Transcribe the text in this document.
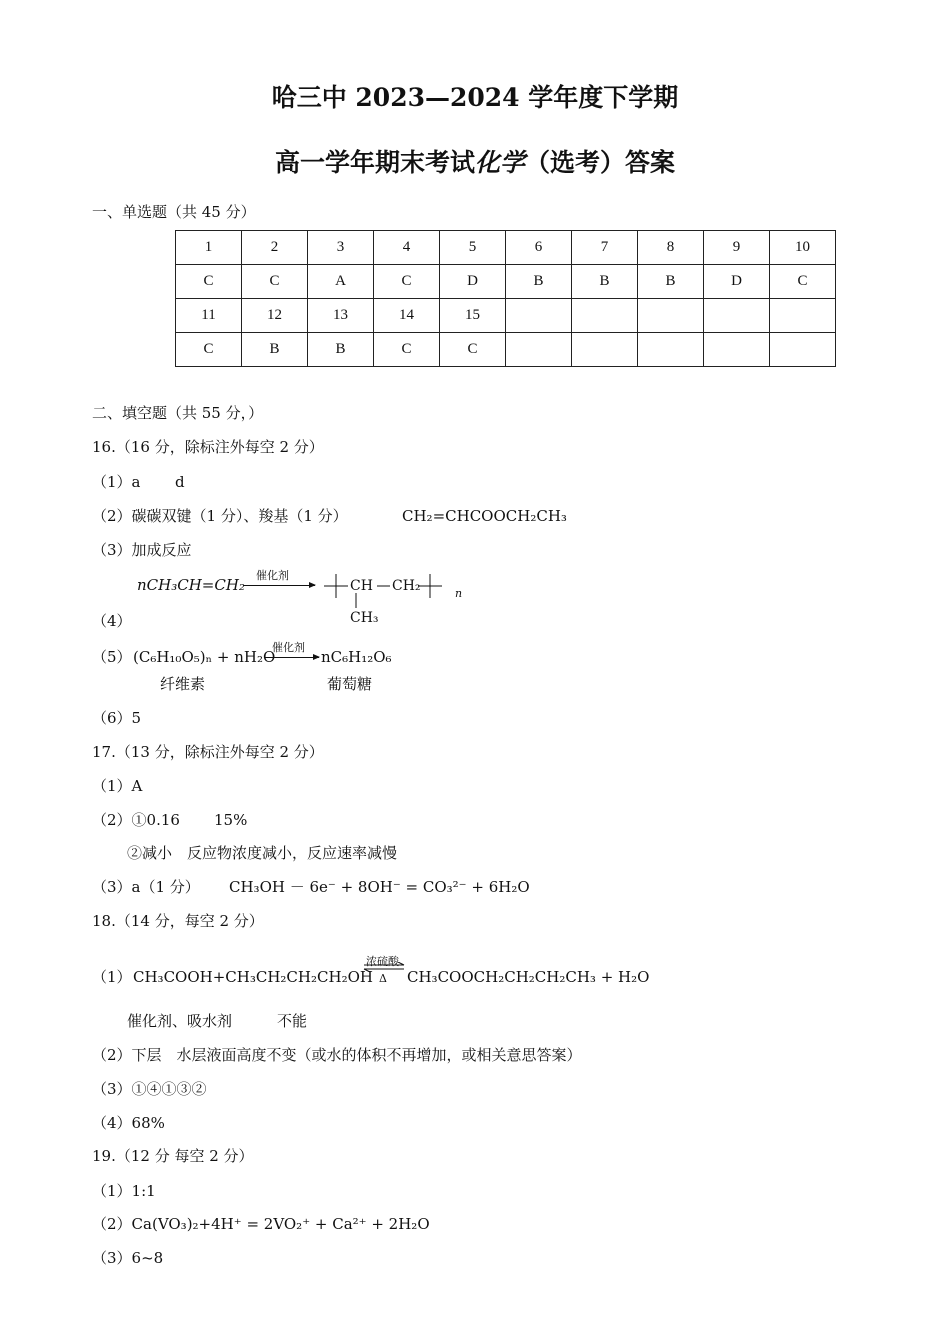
哈三中 2023—2024 学年度下学期
高一学年期末考试化学（选考）答案
一、单选题（共 45 分）
1	2	3	4	5	6	7	8	9	10
C	C	A	C	D	B	B	B	D	C
11	12	13	14	15					
C	B	B	C	C					
二、填空题（共 55 分，）
16.（16 分，除标注外每空 2 分）
（1）a d
（2）碳碳双键（1 分）、羧基（1 分）	CH₂=CHCOOCH₂CH₃
（3）加成反应
nCH₃CH=CH₂
催化剂
CH CH₂
CH₃
n
（4）
（5） (C₆H₁₀O₅)ₙ + nH₂O
催化剂
nC₆H₁₂O₆
纤维素	葡萄糖
（6）5
17.（13 分，除标注外每空 2 分）
（1）A
（2）①0.16 15%
②减小　反应物浓度减小，反应速率减慢
（3）a（1 分） CH₃OH － 6e⁻ + 8OH⁻ = CO₃²⁻ + 6H₂O
18.（14 分，每空 2 分）
（1） CH₃COOH+CH₃CH₂CH₂CH₂OH
浓硫酸
Δ CH₃COOCH₂CH₂CH₂CH₃ + H₂O
催化剂、吸水剂	不能
（2）下层　水层液面高度不变（或水的体积不再增加，或相关意思答案）
（3）①④①③②
（4）68%
19.（12 分 每空 2 分）
（1）1:1
（2）Ca(VO₃)₂+4H⁺ = 2VO₂⁺ + Ca²⁺ + 2H₂O
（3）6~8
